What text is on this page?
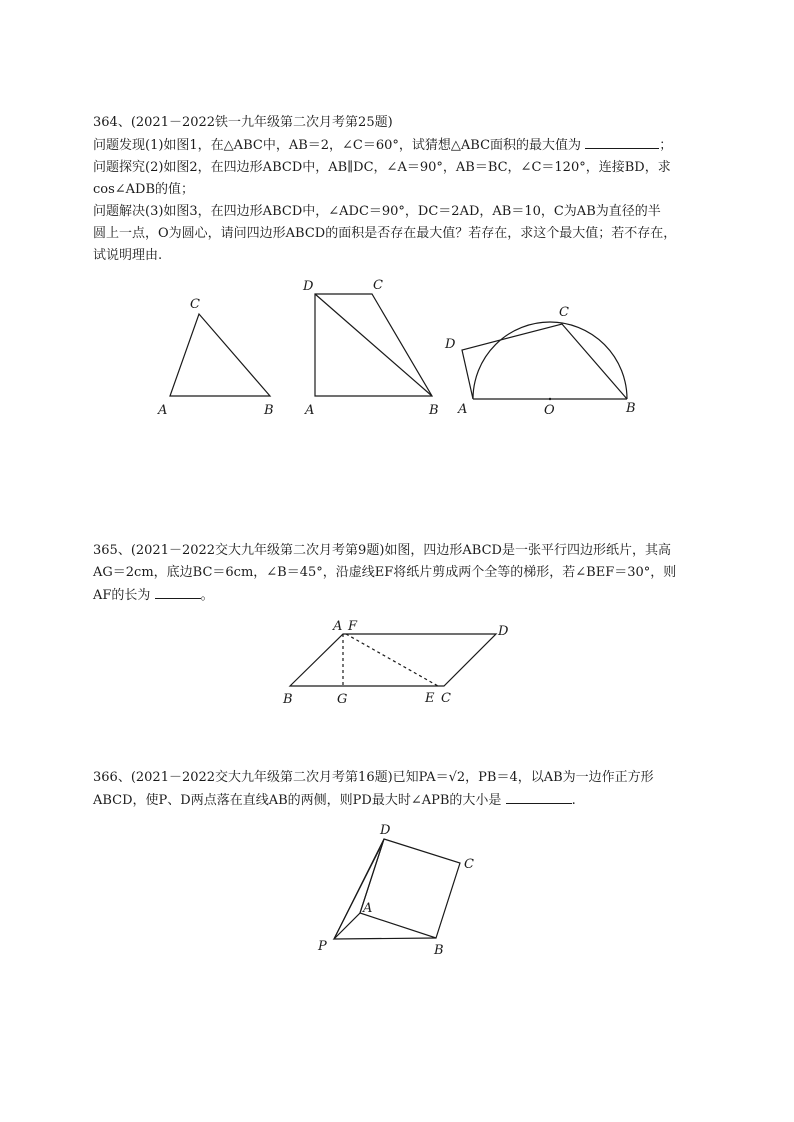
364、(2021－2022铁一九年级第二次月考第25题)

问题发现(1)如图1，在△ABC中，AB＝2，∠C＝60°，试猜想△ABC面积的最大值为	；

问题探究(2)如图2，在四边形ABCD中，AB∥DC，∠A＝90°，AB＝BC，∠C＝120°，连接BD，求

cos∠ADB的值；

问题解决(3)如图3，在四边形ABCD中，∠ADC＝90°，DC＝2AD，AB＝10，C为AB为直径的半

圆上一点，O为圆心，请问四边形ABCD的面积是否存在最大值？若存在，求这个最大值；若不存在，

试说明理由.

A	B
C
D	C
A	B
D
C
A	O	B

365、(2021－2022交大九年级第二次月考第9题)如图，四边形ABCD是一张平行四边形纸片，其高

AG＝2cm，底边BC＝6cm，∠B＝45°，沿虚线EF将纸片剪成两个全等的梯形，若∠BEF＝30°，则

AF的长为	。

A F	D
B	G	E C

366、(2021－2022交大九年级第二次月考第16题)已知PA＝√2，PB＝4，以AB为一边作正方形

ABCD，使P、D两点落在直线AB的两侧，则PD最大时∠APB的大小是	.

D
C
A
P	B
